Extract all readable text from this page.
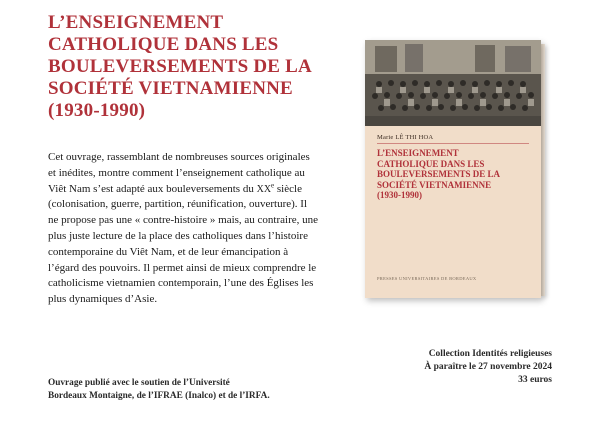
L’ENSEIGNEMENT
CATHOLIQUE DANS LES
BOULEVERSEMENTS DE LA
SOCIÉTÉ VIETNAMIENNE
(1930-1990)

Cet ouvrage, rassemblant de nombreuses sources originales et inédites, montre comment l’enseignement catholique au Viêt Nam s’est adapté aux bouleversements du XXe siècle (colonisation, guerre, partition, réunification, ouverture). Il ne propose pas une « contre-histoire » mais, au contraire, une plus juste lecture de la place des catholiques dans l’histoire contemporaine du Viêt Nam, et de leur émancipation à l’égard des pouvoirs. Il permet ainsi de mieux comprendre le catholicisme vietnamien contemporain, l’une des Églises les plus dynamiques d’Asie.

Ouvrage publié avec le soutien de l’Université
Bordeaux Montaigne, de l’IFRAE (Inalco) et de l’IRFA.

Collection Identités religieuses
À paraître le 27 novembre 2024
33 euros
Marie LÊ THI HOA

L’ENSEIGNEMENT
CATHOLIQUE DANS LES
BOULEVERSEMENTS DE LA
SOCIÉTÉ VIETNAMIENNE
(1930-1990)

PRESSES UNIVERSITAIRES DE BORDEAUX
